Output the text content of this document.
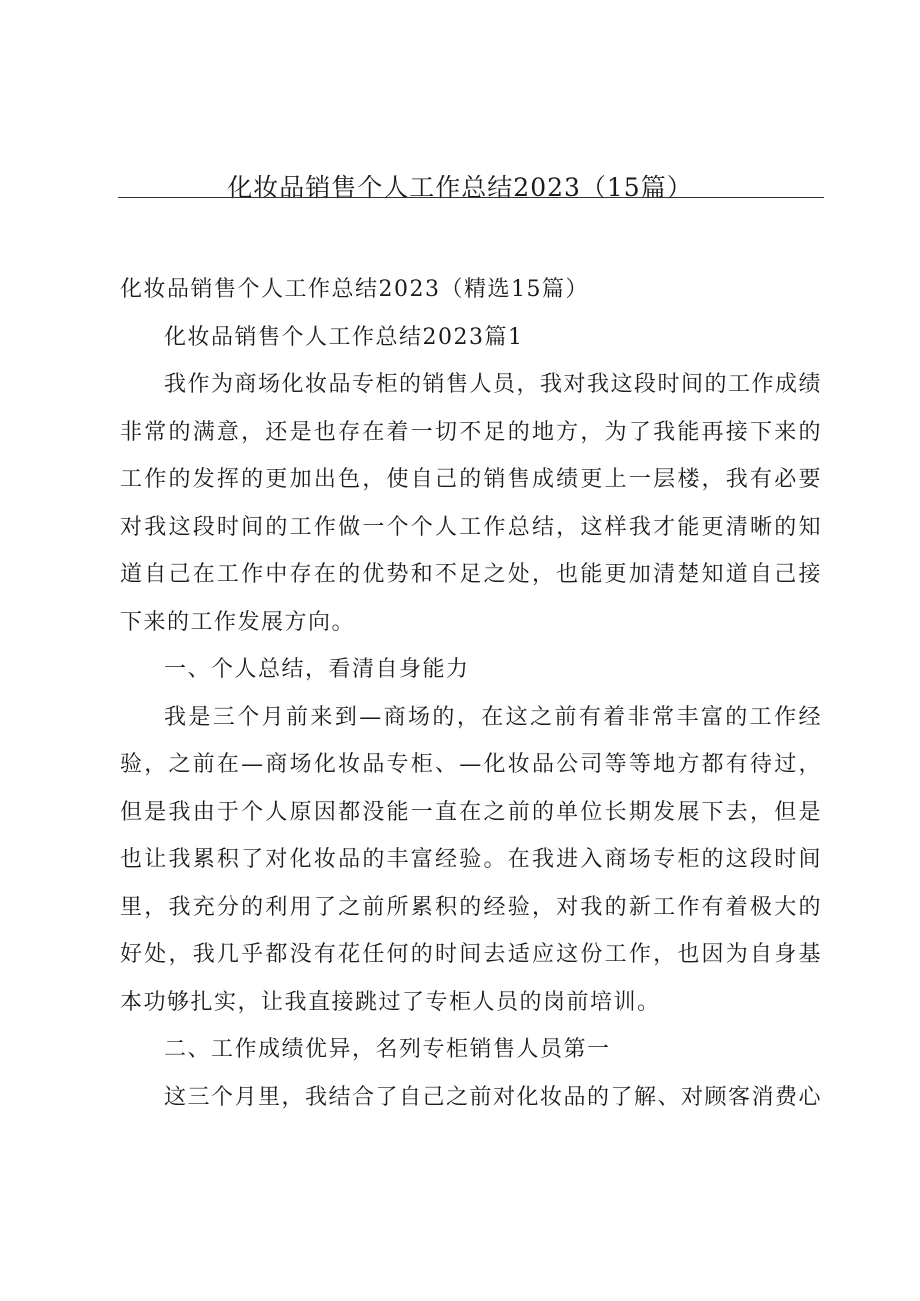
化妆品销售个人工作总结2023（15篇）

化妆品销售个人工作总结2023（精选15篇）

化妆品销售个人工作总结2023篇1

我作为商场化妆品专柜的销售人员，我对我这段时间的工作成绩非常的满意，还是也存在着一切不足的地方，为了我能再接下来的工作的发挥的更加出色，使自己的销售成绩更上一层楼，我有必要对我这段时间的工作做一个个人工作总结，这样我才能更清晰的知道自己在工作中存在的优势和不足之处，也能更加清楚知道自己接下来的工作发展方向。

一、个人总结，看清自身能力

我是三个月前来到—商场的，在这之前有着非常丰富的工作经验，之前在—商场化妆品专柜、—化妆品公司等等地方都有待过，但是我由于个人原因都没能一直在之前的单位长期发展下去，但是也让我累积了对化妆品的丰富经验。在我进入商场专柜的这段时间里，我充分的利用了之前所累积的经验，对我的新工作有着极大的好处，我几乎都没有花任何的时间去适应这份工作，也因为自身基本功够扎实，让我直接跳过了专柜人员的岗前培训。

二、工作成绩优异，名列专柜销售人员第一

这三个月里，我结合了自己之前对化妆品的了解、对顾客消费心
